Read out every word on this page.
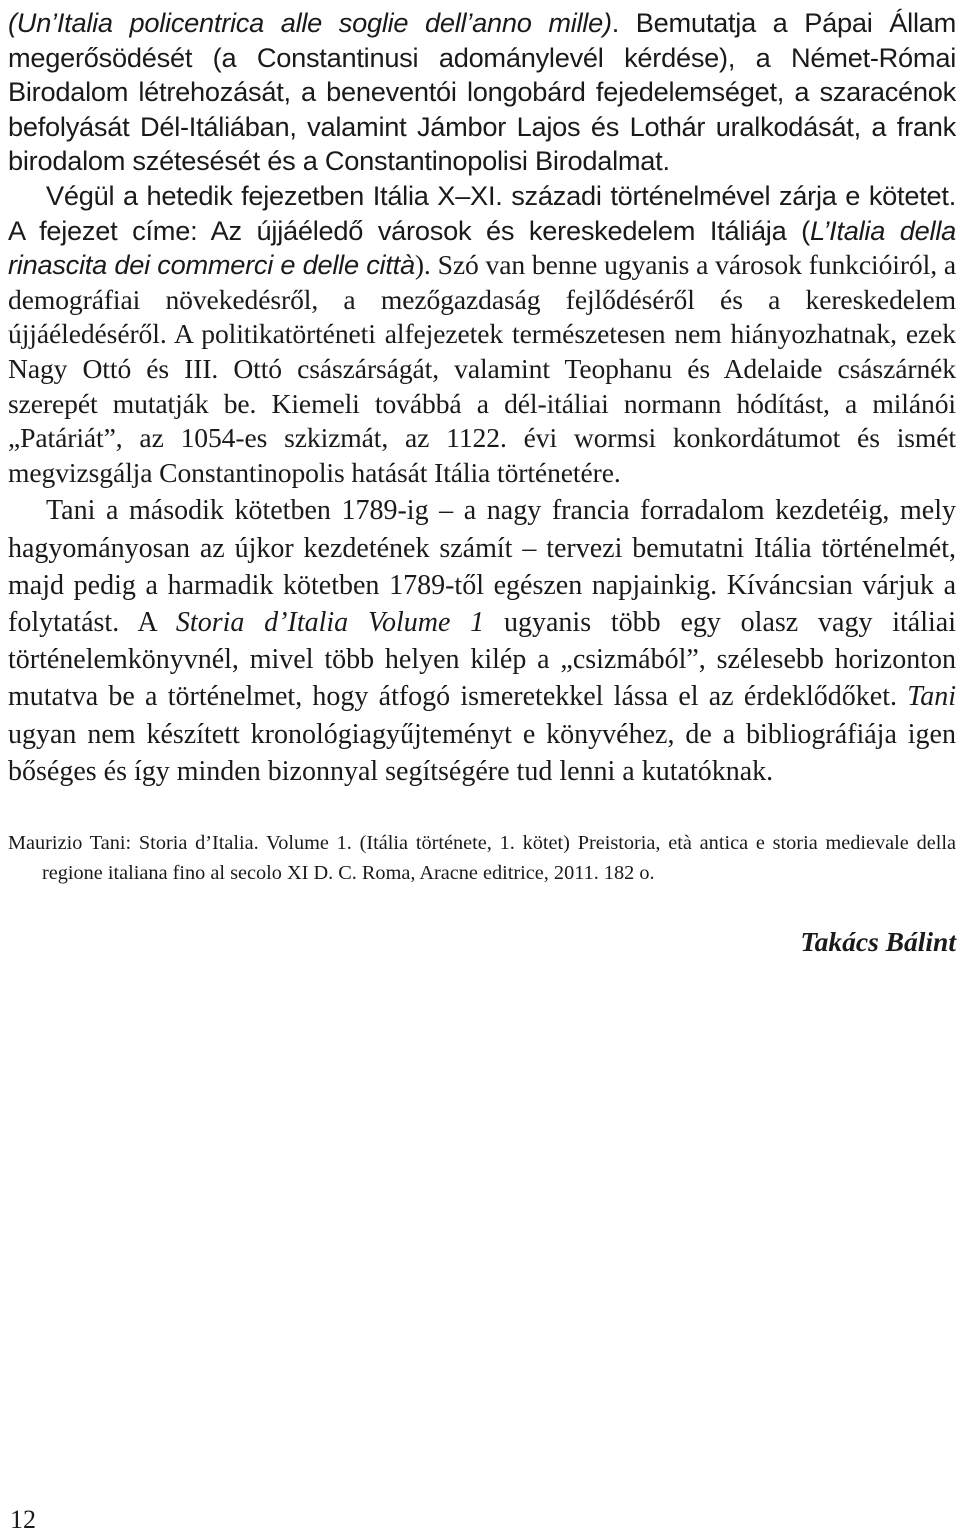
(Un’Italia policentrica alle soglie dell’anno mille). Bemutatja a Pápai Állam megerősödését (a Constantinusi adománylevél kérdése), a Német-Római Birodalom létrehozását, a beneventói longobárd fejedelemséget, a szaracénok befolyását Dél-Itáliában, valamint Jámbor Lajos és Lothár uralkodását, a frank birodalom szétesését és a Constantinopolisi Birodalmat.

Végül a hetedik fejezetben Itália X–XI. századi történelmével zárja e kötetet. A fejezet címe: Az újjáéledő városok és kereskedelem Itáliája (L’Italia della rinascita dei commerci e delle città). Szó van benne ugyanis a városok funkcióiról, a demográfiai növekedésről, a mezőgazdaság fejlődéséről és a kereskedelem újjáéledéséről. A politikatörténeti alfejezetek természetesen nem hiányozhatnak, ezek Nagy Ottó és III. Ottó császárságát, valamint Teophanu és Adelaide császárnék szerepét mutatják be. Kiemeli továbbá a dél-itáliai normann hódítást, a milánói „Patáriát”, az 1054-es szkizmát, az 1122. évi wormsi konkordátumot és ismét megvizsgálja Constantinopolis hatását Itália történetére.

Tani a második kötetben 1789-ig – a nagy francia forradalom kezdetéig, mely hagyományosan az újkor kezdetének számít – tervezi bemutatni Itália történelmét, majd pedig a harmadik kötetben 1789-től egészen napjainkig. Kíváncsian várjuk a folytatást. A Storia d’Italia Volume 1 ugyanis több egy olasz vagy itáliai történelemkönyvnél, mivel több helyen kilép a „csizmából”, szélesebb horizonton mutatva be a történelmet, hogy átfogó ismeretekkel lássa el az érdeklődőket. Tani ugyan nem készített kronológiagyűjteményt e könyvéhez, de a bibliográfiája igen bőséges és így minden bizonnyal segítségére tud lenni a kutatóknak.

Maurizio Tani: Storia d’Italia. Volume 1. (Itália története, 1. kötet) Preistoria, età antica e storia medievale della regione italiana fino al secolo XI D. C. Roma, Aracne editrice, 2011. 182 o.

Takács Bálint

12
